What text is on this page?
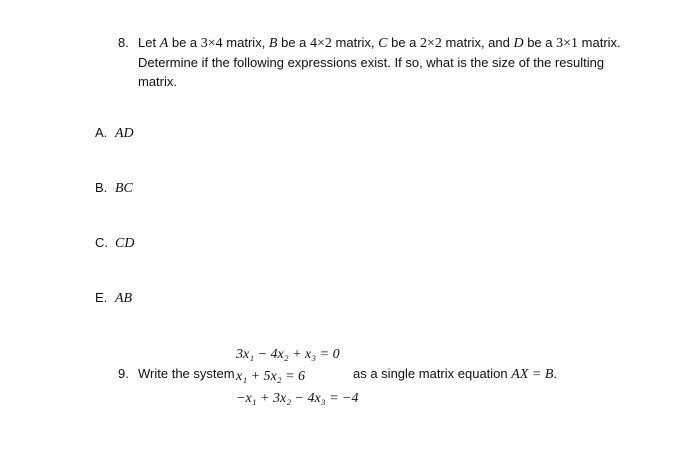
8. Let A be a 3×4 matrix, B be a 4×2 matrix, C be a 2×2 matrix, and D be a 3×1 matrix. Determine if the following expressions exist. If so, what is the size of the resulting matrix.
A. AD
B. BC
C. CD
E. AB
9. Write the system
3x₁ − 4x₂ + x₃ = 0
x₁ + 5x₂ = 6
−x₁ + 3x₂ − 4x₃ = −4
as a single matrix equation AX = B.
